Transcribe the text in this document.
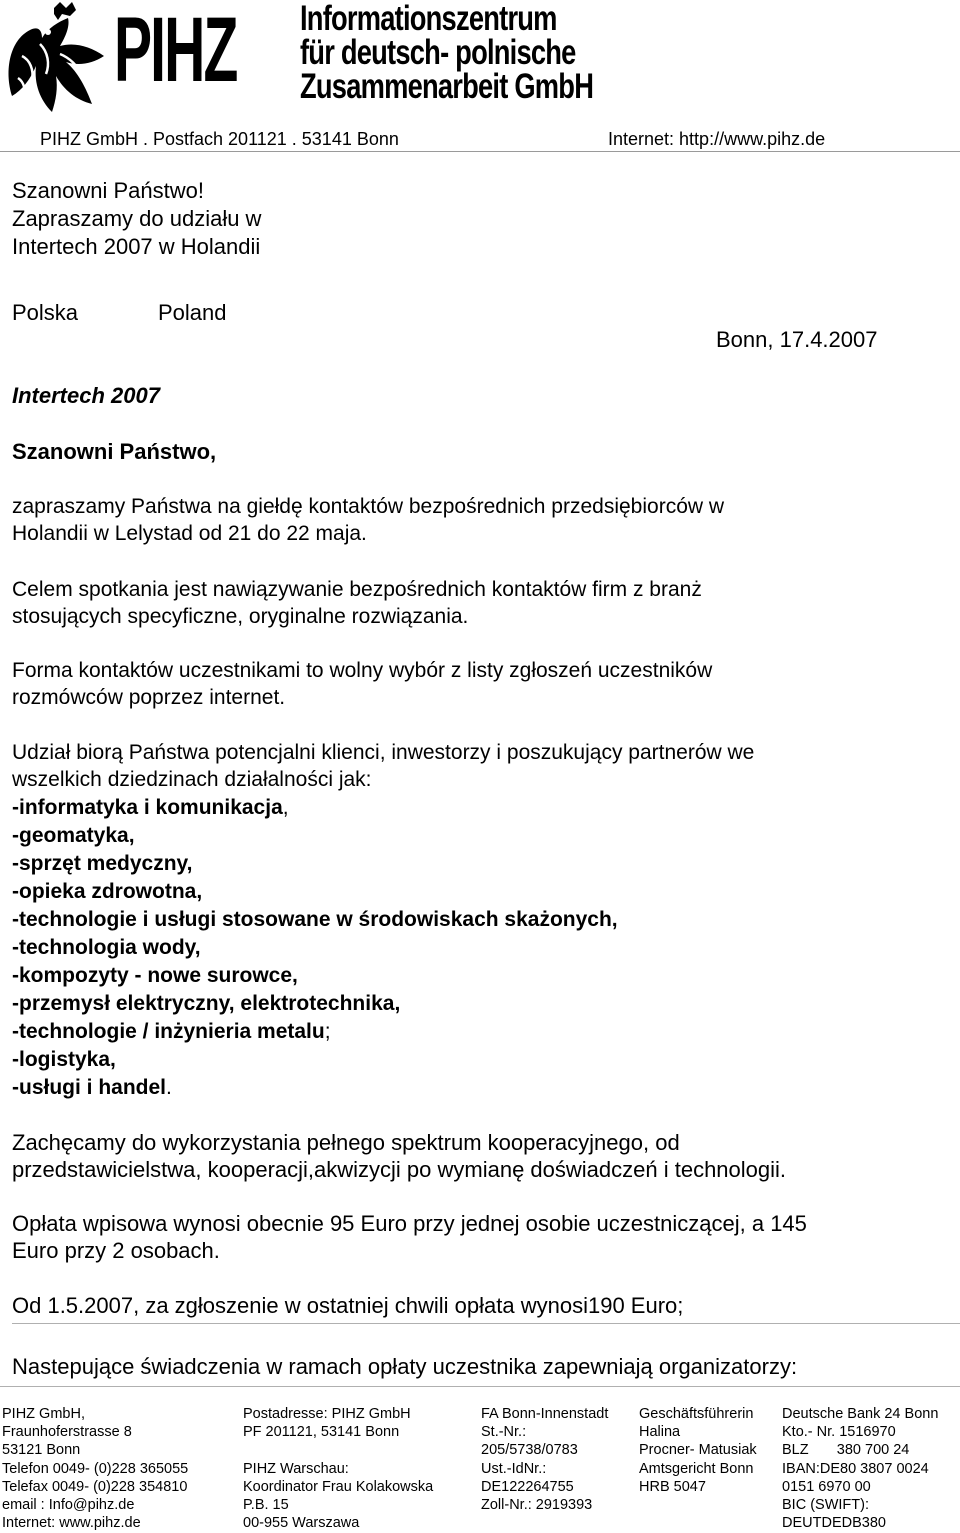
PIHZ Informationszentrum
für deutsch- polnische
Zusammenarbeit GmbH
PIHZ GmbH . Postfach 201121 . 53141 Bonn	Internet: http://www.pihz.de
Szanowni Państwo!
Zapraszamy do udziału w
Intertech 2007 w Holandii
Polska	Poland
Bonn, 17.4.2007
Intertech 2007
Szanowni Państwo,
zapraszamy Państwa na giełdę kontaktów bezpośrednich przedsiębiorców w
Holandii w Lelystad od 21 do 22 maja.
Celem spotkania jest nawiązywanie bezpośrednich kontaktów firm z branż
stosujących specyficzne, oryginalne rozwiązania.
Forma kontaktów uczestnikami to wolny wybór z listy zgłoszeń uczestników
rozmówców poprzez internet.
Udział biorą Państwa potencjalni klienci, inwestorzy i poszukujący partnerów we
wszelkich dziedzinach działalności jak:
-informatyka i komunikacja,
-geomatyka,
-sprzęt medyczny,
-opieka zdrowotna,
-technologie i usługi stosowane w środowiskach skażonych,
-technologia wody,
-kompozyty - nowe surowce,
-przemysł elektryczny, elektrotechnika,
-technologie / inżynieria metalu;
-logistyka,
-usługi i handel.
Zachęcamy do wykorzystania pełnego spektrum kooperacyjnego, od
przedstawicielstwa, kooperacji,akwizycji po wymianę doświadczeń i technologii.
Opłata wpisowa wynosi obecnie 95 Euro przy jednej osobie uczestniczącej, a 145
Euro przy 2 osobach.
Od 1.5.2007, za zgłoszenie w ostatniej chwili opłata wynosi190 Euro;
Nastepujące świadczenia w ramach opłaty uczestnika zapewniają organizatorzy:
PIHZ GmbH,
Fraunhoferstrasse 8
53121 Bonn
Telefon 0049- (0)228 365055
Telefax 0049- (0)228 354810
email : Info@pihz.de
Internet: www.pihz.de
Postadresse: PIHZ GmbH
PF 201121, 53141 Bonn
PIHZ Warschau:
Koordinator Frau Kolakowska
P.B. 15
00-955 Warszawa
FA Bonn-Innenstadt
St.-Nr.:
205/5738/0783
Ust.-IdNr.:
DE122264755
Zoll-Nr.: 2919393
Geschäftsführerin
Halina
Procner- Matusiak
Amtsgericht Bonn
HRB 5047
Deutsche Bank 24 Bonn
Kto.- Nr. 1516970
BLZ       380 700 24
IBAN:DE80 3807 0024
0151 6970 00
BIC (SWIFT):
DEUTDEDB380
